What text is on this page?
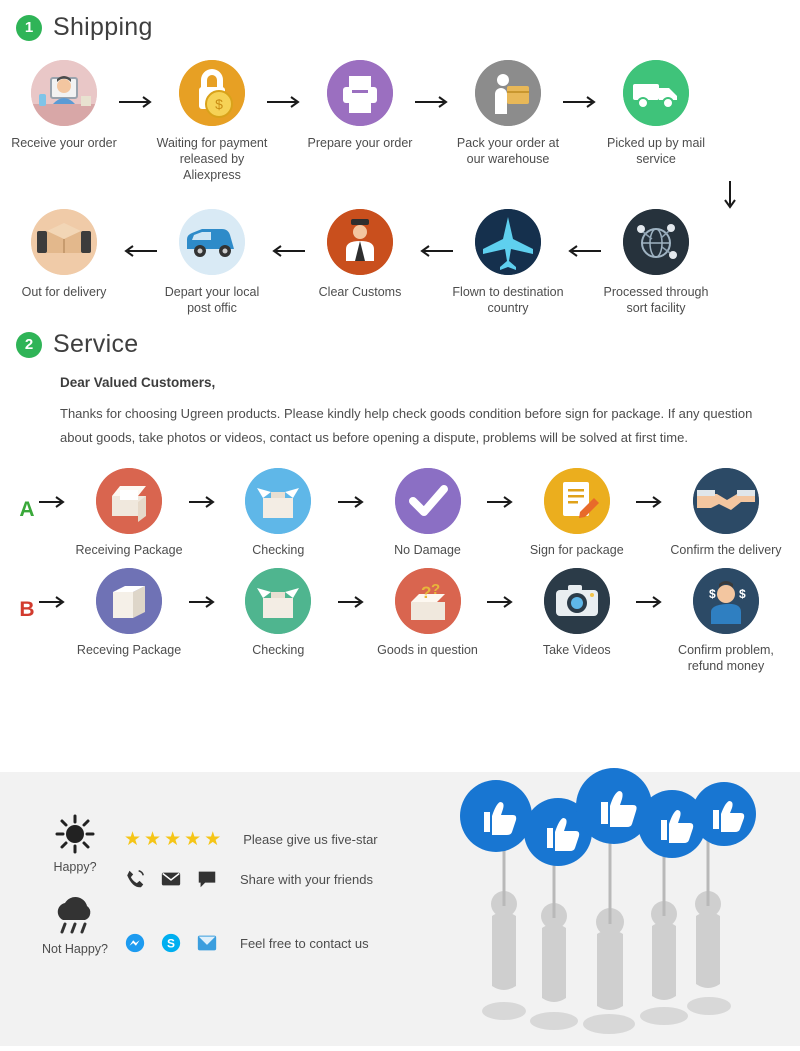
1 Shipping
Receive your order
$
Waiting for payment released by Aliexpress
Prepare your order	Pack your order at our warehouse
Picked up by mail service
Out for delivery	Depart your local post offic
Clear Customs	Flown to destination country
Processed through sort facility
2 Service
Dear Valued Customers,
Thanks for choosing Ugreen products. Please kindly help check goods condition before sign for package. If any question about goods, take photos or videos, contact us before opening a dispute, problems will be solved at first time.
A
Receiving Package	Checking	No Damage	Sign for package	Confirm the delivery
B
Receving Package	Checking
? ?
Goods in question	Take Videos
$ $
Confirm problem, refund money
Happy?
Not Happy?
★ ★ ★ ★ ★ Please give us five-star
Share with your friends
S	Feel free to contact us
